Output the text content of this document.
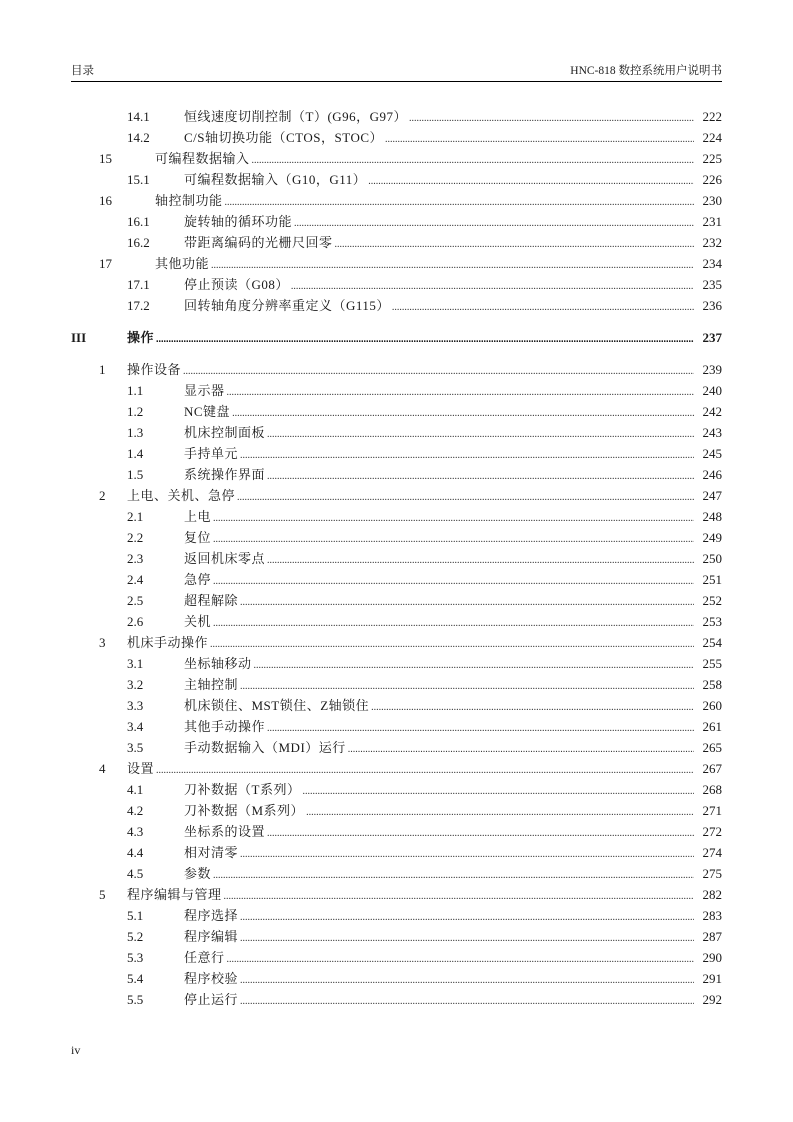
目录	HNC-818 数控系统用户说明书
14.1	恒线速度切削控制（T）(G96，G97） .....	222
14.2	C/S轴切换功能（CTOS，STOC） .....	224
15	可编程数据输入 .....	225
15.1	可编程数据输入（G10，G11） .....	226
16	轴控制功能 .....	230
16.1	旋转轴的循环功能 .....	231
16.2	带距离编码的光栅尺回零 .....	232
17	其他功能 .....	234
17.1	停止预读（G08） .....	235
17.2	回转轴角度分辨率重定义（G115） .....	236
III	操作 .....	237
1 操作设备 .....	239
1.1	显示器 .....	240
1.2	NC键盘 .....	242
1.3	机床控制面板 .....	243
1.4	手持单元 .....	245
1.5	系统操作界面 .....	246
2 上电、关机、急停 .....	247
2.1	上电 .....	248
2.2	复位 .....	249
2.3	返回机床零点 .....	250
2.4	急停 .....	251
2.5	超程解除 .....	252
2.6	关机 .....	253
3 机床手动操作 .....	254
3.1	坐标轴移动 .....	255
3.2	主轴控制 .....	258
3.3	机床锁住、MST锁住、Z轴锁住 .....	260
3.4	其他手动操作 .....	261
3.5	手动数据输入（MDI）运行 .....	265
4 设置 .....	267
4.1	刀补数据（T系列） .....	268
4.2	刀补数据（M系列） .....	271
4.3	坐标系的设置 .....	272
4.4	相对清零 .....	274
4.5	参数 .....	275
5 程序编辑与管理 .....	282
5.1	程序选择 .....	283
5.2	程序编辑 .....	287
5.3	任意行 .....	290
5.4	程序校验 .....	291
5.5	停止运行 .....	292
iv
